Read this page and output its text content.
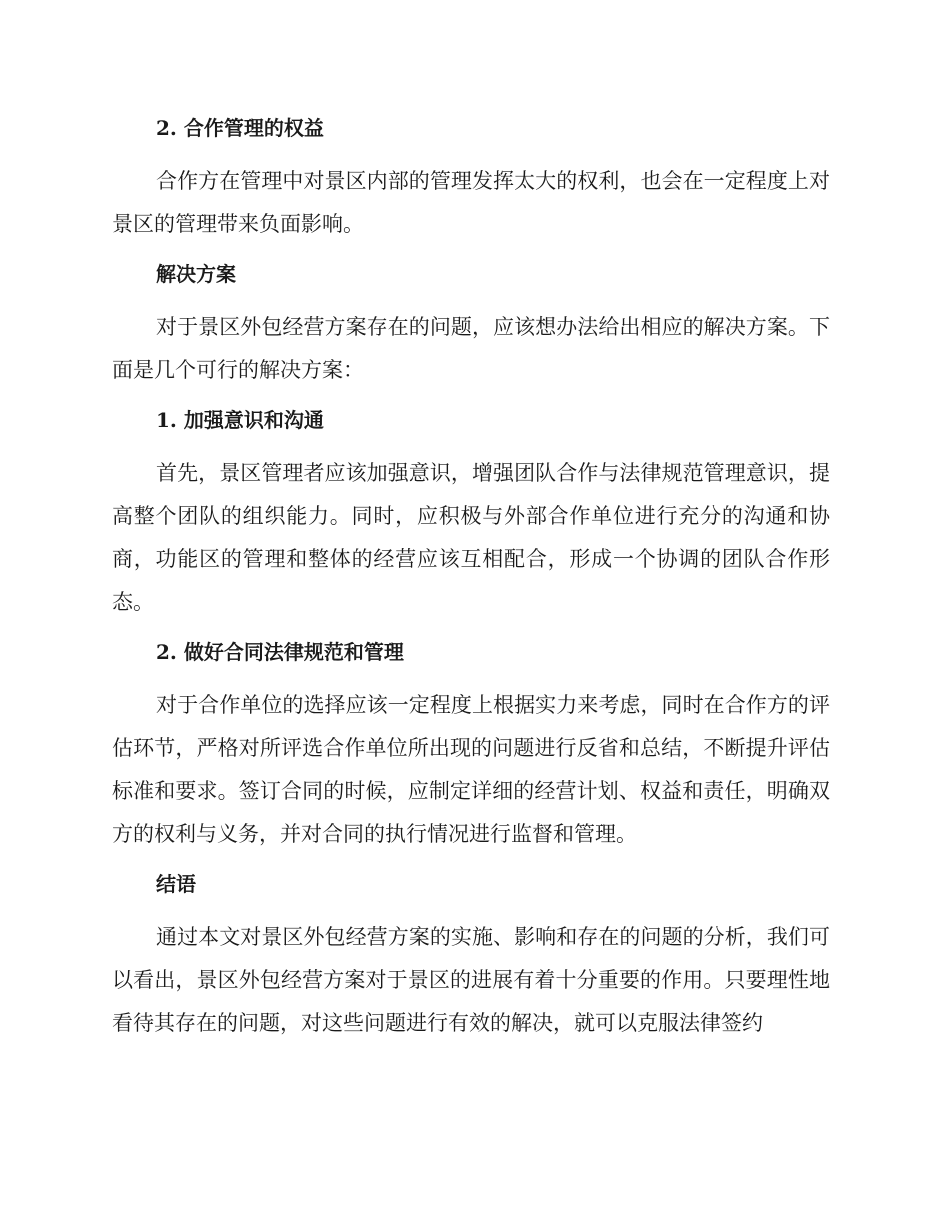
2. 合作管理的权益

合作方在管理中对景区内部的管理发挥太大的权利，也会在一定程度上对景区的管理带来负面影响。

解决方案

对于景区外包经营方案存在的问题，应该想办法给出相应的解决方案。下面是几个可行的解决方案：

1. 加强意识和沟通

首先，景区管理者应该加强意识，增强团队合作与法律规范管理意识，提高整个团队的组织能力。同时，应积极与外部合作单位进行充分的沟通和协商，功能区的管理和整体的经营应该互相配合，形成一个协调的团队合作形态。

2. 做好合同法律规范和管理

对于合作单位的选择应该一定程度上根据实力来考虑，同时在合作方的评估环节，严格对所评选合作单位所出现的问题进行反省和总结，不断提升评估标准和要求。签订合同的时候，应制定详细的经营计划、权益和责任，明确双方的权利与义务，并对合同的执行情况进行监督和管理。

结语

通过本文对景区外包经营方案的实施、影响和存在的问题的分析，我们可以看出，景区外包经营方案对于景区的进展有着十分重要的作用。只要理性地看待其存在的问题，对这些问题进行有效的解决，就可以克服法律签约
